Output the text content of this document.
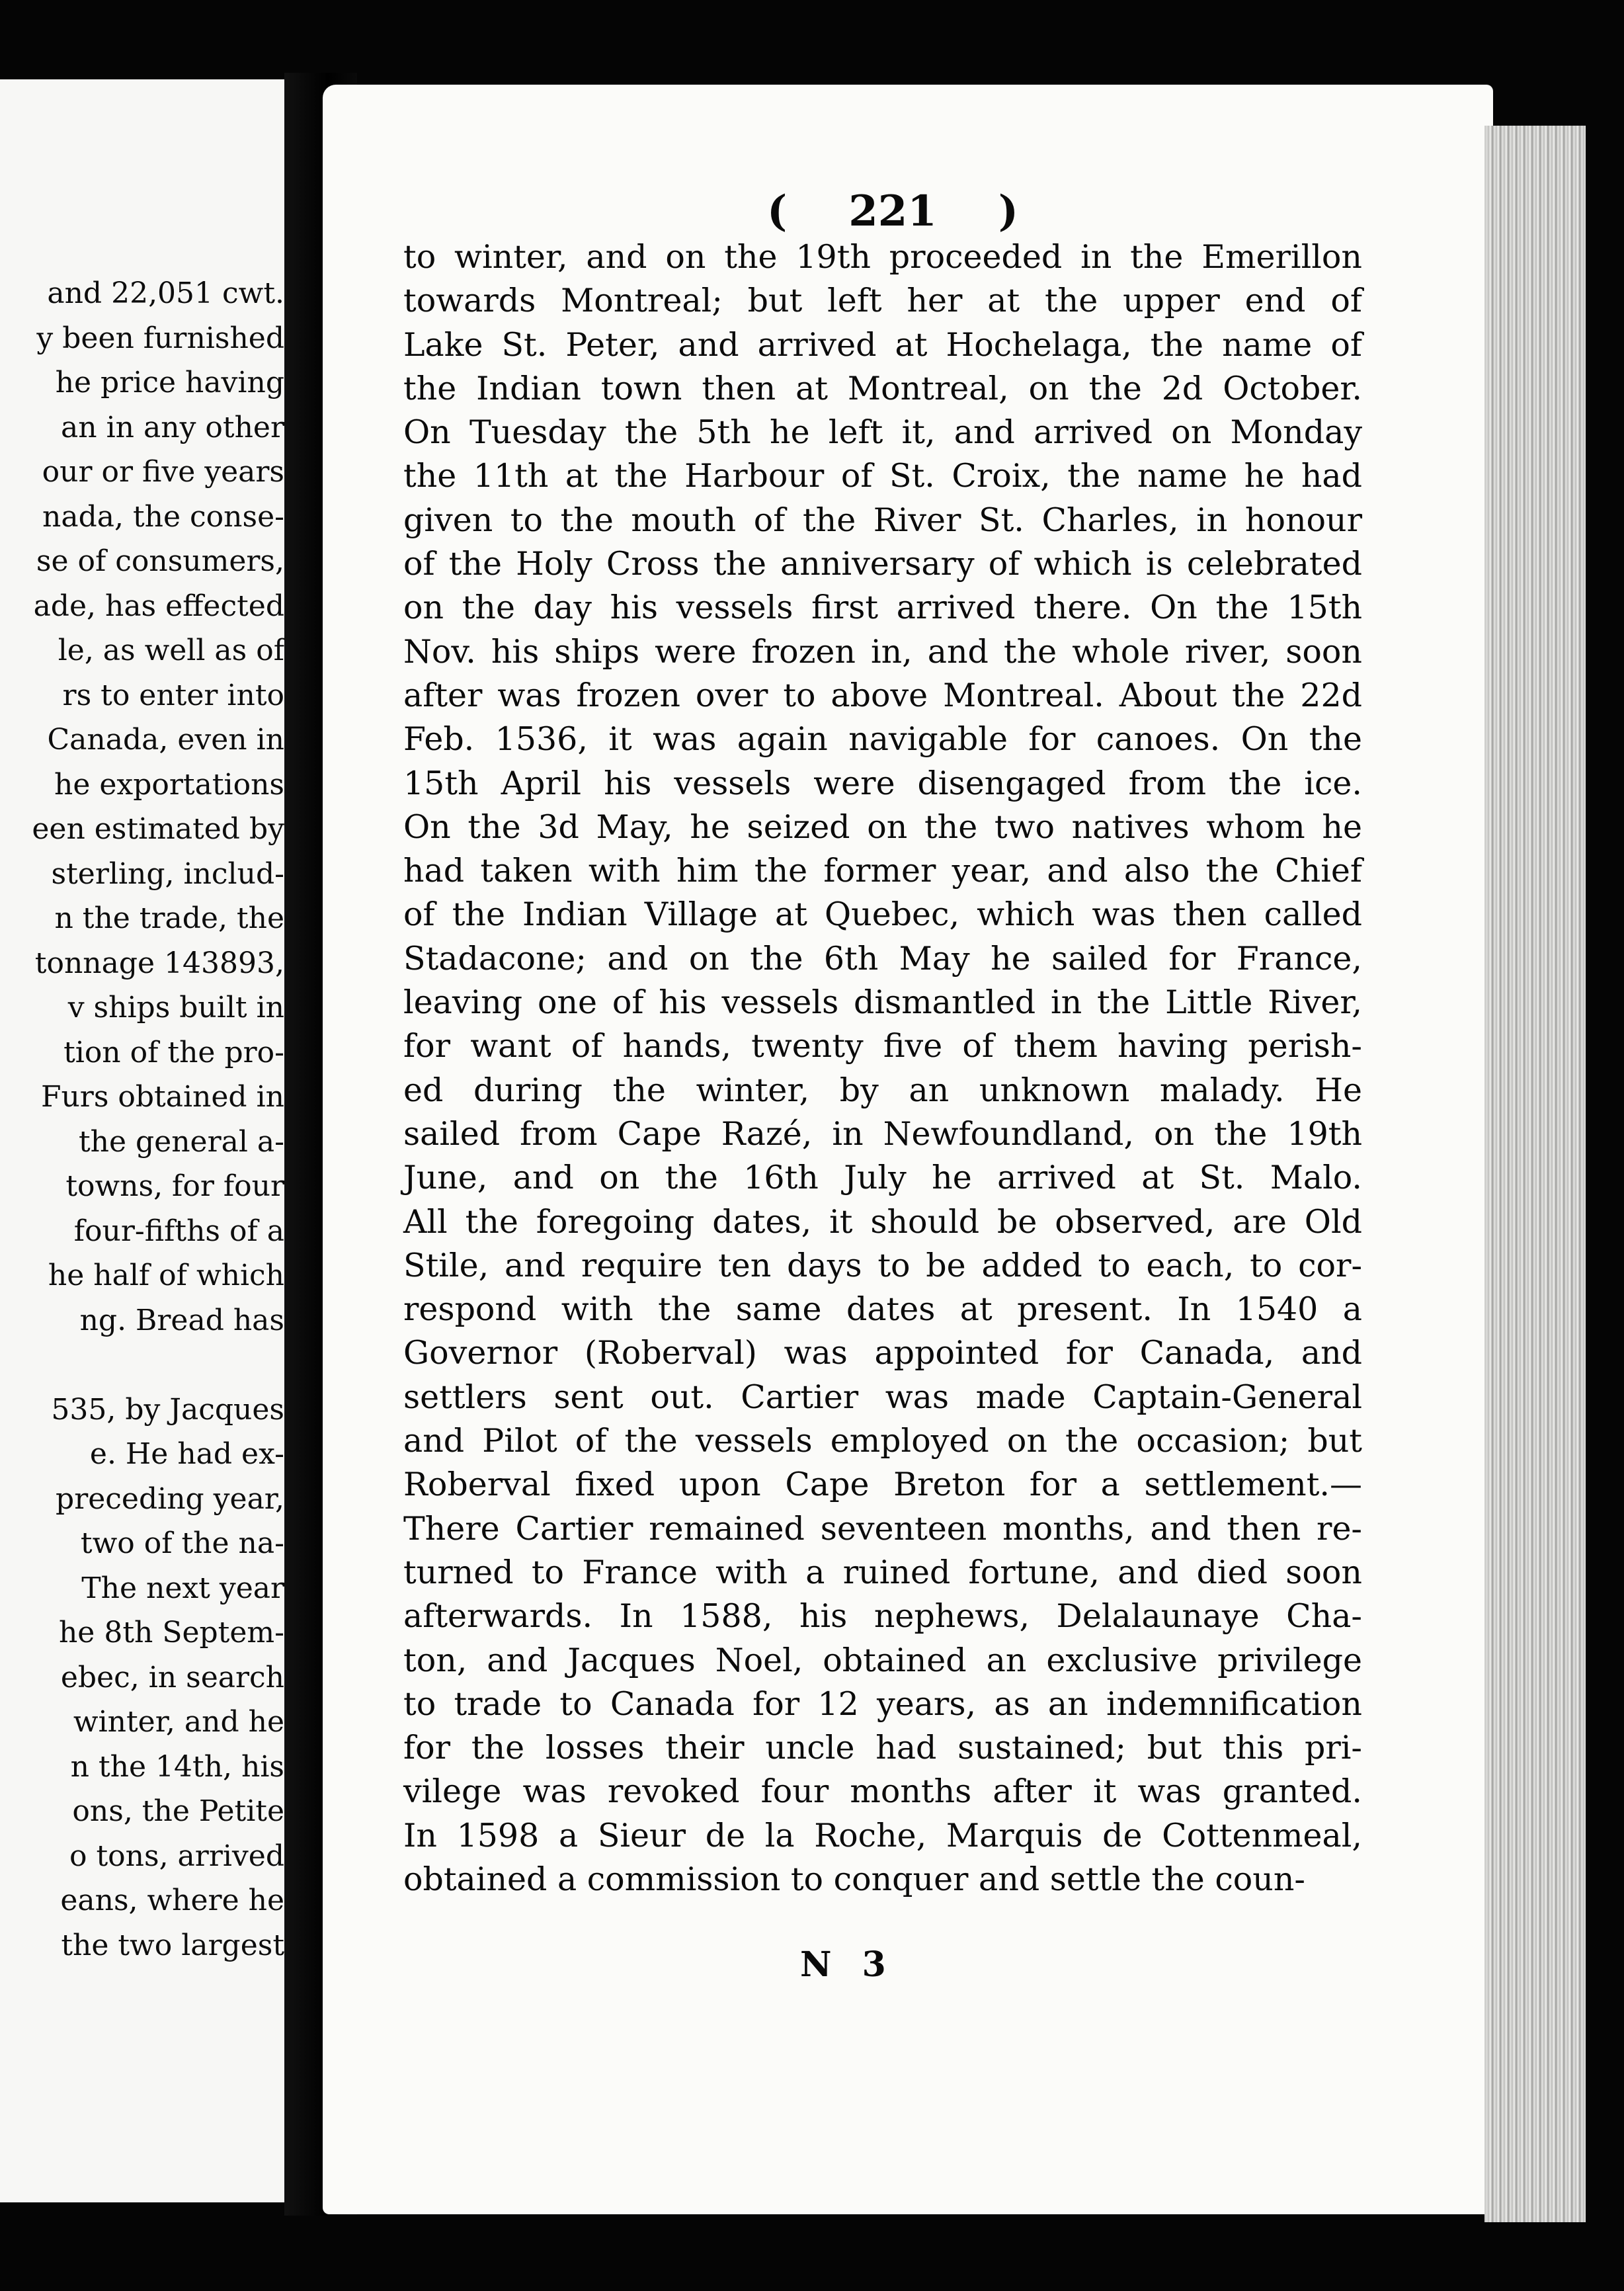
and 22,051 cwt.
y been furnished
he price having
an in any other
our or five years
nada, the conse-
se of consumers,
ade, has effected
le, as well as of
rs to enter into
Canada, even in
he exportations
een estimated by
sterling, includ-
n the trade, the
tonnage 143893,
v ships built in
tion of the pro-
Furs obtained in
the general a-
towns, for four
four-fifths of a
he half of which
ng. Bread has
535, by Jacques
e. He had ex-
preceding year,
two of the na-
The next year
he 8th Septem-
ebec, in search
winter, and he
n the 14th, his
ons, the Petite
o tons, arrived
eans, where he
the two largest
( 221 )
to winter, and on the 19th proceeded in the Emerillon
towards Montreal; but left her at the upper end of
Lake St. Peter, and arrived at Hochelaga, the name of
the Indian town then at Montreal, on the 2d October.
On Tuesday the 5th he left it, and arrived on Monday
the 11th at the Harbour of St. Croix, the name he had
given to the mouth of the River St. Charles, in honour
of the Holy Cross the anniversary of which is celebrated
on the day his vessels first arrived there. On the 15th
Nov. his ships were frozen in, and the whole river, soon
after was frozen over to above Montreal. About the 22d
Feb. 1536, it was again navigable for canoes. On the
15th April his vessels were disengaged from the ice.
On the 3d May, he seized on the two natives whom he
had taken with him the former year, and also the Chief
of the Indian Village at Quebec, which was then called
Stadacone; and on the 6th May he sailed for France,
leaving one of his vessels dismantled in the Little River,
for want of hands, twenty five of them having perish-
ed during the winter, by an unknown malady. He
sailed from Cape Razé, in Newfoundland, on the 19th
June, and on the 16th July he arrived at St. Malo.
All the foregoing dates, it should be observed, are Old
Stile, and require ten days to be added to each, to cor-
respond with the same dates at present. In 1540 a
Governor (Roberval) was appointed for Canada, and
settlers sent out. Cartier was made Captain-General
and Pilot of the vessels employed on the occasion; but
Roberval fixed upon Cape Breton for a settlement.—
There Cartier remained seventeen months, and then re-
turned to France with a ruined fortune, and died soon
afterwards. In 1588, his nephews, Delalaunaye Cha-
ton, and Jacques Noel, obtained an exclusive privilege
to trade to Canada for 12 years, as an indemnification
for the losses their uncle had sustained; but this pri-
vilege was revoked four months after it was granted.
In 1598 a Sieur de la Roche, Marquis de Cottenmeal,
obtained a commission to conquer and settle the coun-
N 3
